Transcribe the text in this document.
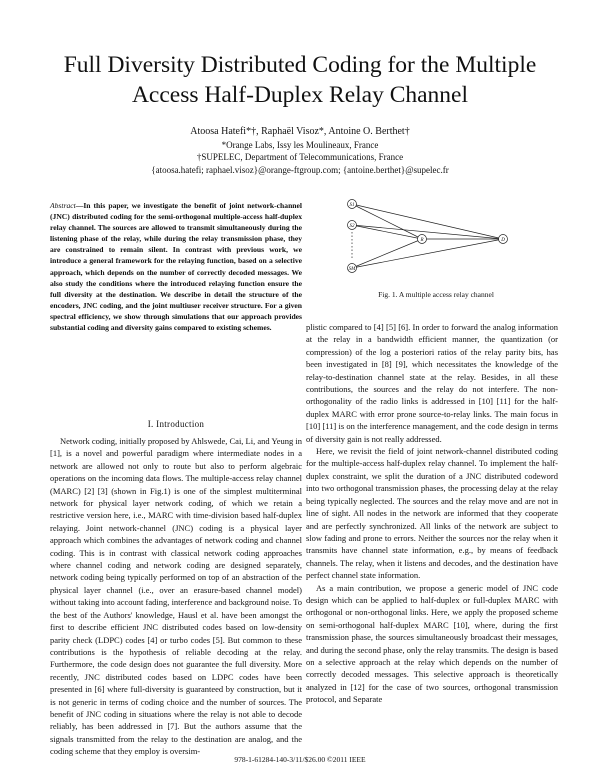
Full Diversity Distributed Coding for the Multiple
Access Half-Duplex Relay Channel
Atoosa Hatefi*†, Raphaël Visoz*, Antoine O. Berthet†
*Orange Labs, Issy les Moulineaux, France
†SUPELEC, Department of Telecommunications, France
{atoosa.hatefi; raphael.visoz}@orange-ftgroup.com; {antoine.berthet}@supelec.fr
Abstract—In this paper, we investigate the benefit of joint network-channel (JNC) distributed coding for the semi-orthogonal multiple-access half-duplex relay channel. The sources are allowed to transmit simultaneously during the listening phase of the relay, while during the relay transmission phase, they are constrained to remain silent. In contrast with previous work, we introduce a general framework for the relaying function, based on a selective approach, which depends on the number of correctly decoded messages. We also study the conditions where the introduced relaying function ensure the full diversity at the destination. We describe in detail the structure of the encoders, JNC coding, and the joint multiuser receiver structure. For a given spectral efficiency, we show through simulations that our approach provides substantial coding and diversity gains compared to existing schemes.
I. Introduction

Network coding, initially proposed by Ahlswede, Cai, Li, and Yeung in [1], is a novel and powerful paradigm where intermediate nodes in a network are allowed not only to route but also to perform algebraic operations on the incoming data flows. The multiple-access relay channel (MARC) [2] [3] (shown in Fig.1) is one of the simplest multiterminal network for physical layer network coding, of which we retain a restrictive version here, i.e., MARC with time-division based half-duplex relaying. Joint network-channel (JNC) coding is a physical layer approach which combines the advantages of network coding and channel coding. This is in contrast with classical network coding approaches where channel coding and network coding are designed separately, network coding being typically performed on top of an abstraction of the physical layer channel (i.e., over an erasure-based channel model) without taking into account fading, interference and background noise. To the best of the Authors' knowledge, Hausl et al. have been amongst the first to describe efficient JNC distributed codes based on low-density parity check (LDPC) codes [4] or turbo codes [5]. But common to these contributions is the hypothesis of reliable decoding at the relay. Furthermore, the code design does not guarantee the full diversity. More recently, JNC distributed codes based on LDPC codes have been presented in [6] where full-diversity is guaranteed by construction, but it is not generic in terms of coding choice and the number of sources. The benefit of JNC coding in situations where the relay is not able to decode reliably, has been addressed in [7]. But the authors assume that the signals transmitted from the relay to the destination are analog, and the coding scheme that they employ is oversim-

S1
S2
SM
R	D
Fig. 1. A multiple access relay channel

plistic compared to [4] [5] [6]. In order to forward the analog information at the relay in a bandwidth efficient manner, the quantization (or compression) of the log a posteriori ratios of the relay parity bits, has been investigated in [8] [9], which necessitates the knowledge of the relay-to-destination channel state at the relay. Besides, in all these contributions, the sources and the relay do not interfere. The non-orthogonality of the radio links is addressed in [10] [11] for the half-duplex MARC with error prone source-to-relay links. The main focus in [10] [11] is on the interference management, and the code design in terms of diversity gain is not really addressed.

Here, we revisit the field of joint network-channel distributed coding for the multiple-access half-duplex relay channel. To implement the half-duplex constraint, we split the duration of a JNC distributed codeword into two orthogonal transmission phases, the processing delay at the relay being typically neglected. The sources and the relay move and are not in line of sight. All nodes in the network are informed that they cooperate and are perfectly synchronized. All links of the network are subject to slow fading and prone to errors. Neither the sources nor the relay when it transmits have channel state information, e.g., by means of feedback channels. The relay, when it listens and decodes, and the destination have perfect channel state information.

As a main contribution, we propose a generic model of JNC code design which can be applied to half-duplex or full-duplex MARC with orthogonal or non-orthogonal links. Here, we apply the proposed scheme on semi-orthogonal half-duplex MARC [10], where, during the first transmission phase, the sources simultaneously broadcast their messages, and during the second phase, only the relay transmits. The design is based on a selective approach at the relay which depends on the number of correctly decoded messages. This selective approach is theoretically analyzed in [12] for the case of two sources, orthogonal transmission protocol, and Separate

978-1-61284-140-3/11/$26.00 ©2011 IEEE
